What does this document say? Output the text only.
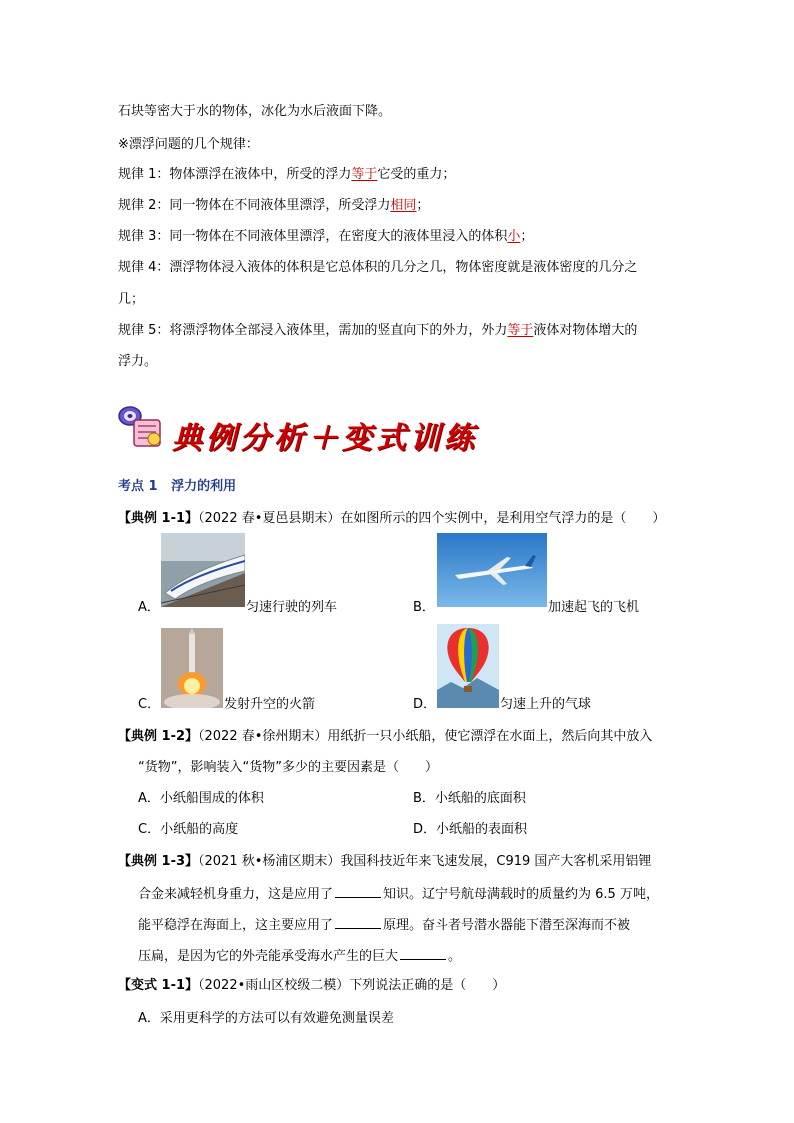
石块等密大于水的物体，冰化为水后液面下降。
※漂浮问题的几个规律：
规律 1：物体漂浮在液体中，所受的浮力等于它受的重力；
规律 2：同一物体在不同液体里漂浮，所受浮力相同；
规律 3：同一物体在不同液体里漂浮，在密度大的液体里浸入的体积小；
规律 4：漂浮物体浸入液体的体积是它总体积的几分之几，物体密度就是液体密度的几分之
几；
规律 5：将漂浮物体全部浸入液体里，需加的竖直向下的外力，外力等于液体对物体增大的
浮力。
典例分析＋变式训练
考点 1 浮力的利用
【典例 1-1】（2022 春•夏邑县期末）在如图所示的四个实例中，是利用空气浮力的是（　　）
A．	匀速行驶的列车	B．	加速起飞的飞机
C．	发射升空的火箭	D．	匀速上升的气球
【典例 1-2】（2022 春•徐州期末）用纸折一只小纸船，使它漂浮在水面上，然后向其中放入
“货物”，影响装入“货物”多少的主要因素是（　　）
A．小纸船围成的体积	B．小纸船的底面积
C．小纸船的高度	D．小纸船的表面积
【典例 1-3】（2021 秋•杨浦区期末）我国科技近年来飞速发展，C919 国产大客机采用铝锂
合金来减轻机身重力，这是应用了	知识。辽宁号航母满载时的质量约为 6.5 万吨，
能平稳浮在海面上，这主要应用了	原理。奋斗者号潜水器能下潜至深海而不被
压扁，是因为它的外壳能承受海水产生的巨大	。
【变式 1-1】（2022•雨山区校级二模）下列说法正确的是（　　）
A．采用更科学的方法可以有效避免测量误差
